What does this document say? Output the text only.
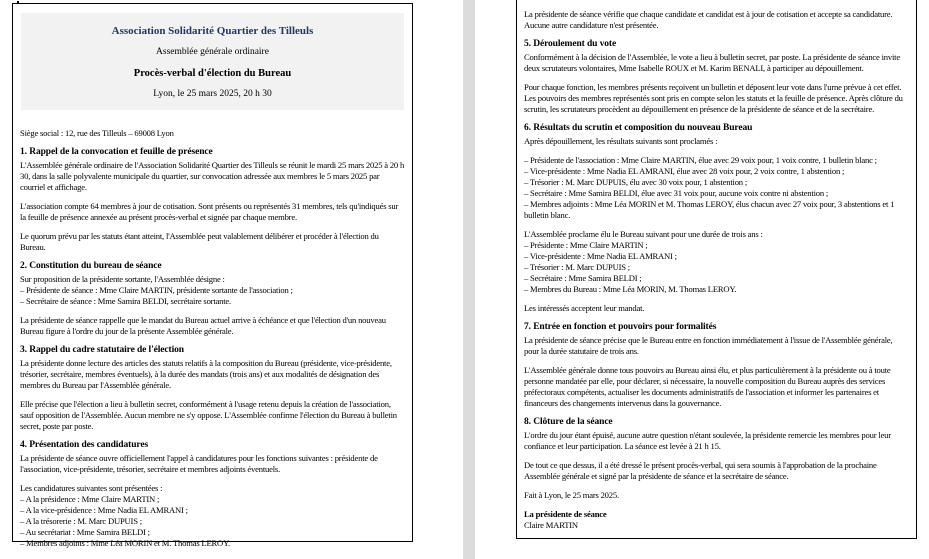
Association Solidarité Quartier des Tilleuls
Assemblée générale ordinaire
Procès-verbal d'élection du Bureau
Lyon, le 25 mars 2025, 20 h 30
Siège social : 12, rue des Tilleuls – 69008 Lyon
1. Rappel de la convocation et feuille de présence
L'Assemblée générale ordinaire de l'Association Solidarité Quartier des Tilleuls se réunit le mardi 25 mars 2025 à 20 h 30, dans la salle polyvalente municipale du quartier, sur convocation adressée aux membres le 5 mars 2025 par courriel et affichage.
L'association compte 64 membres à jour de cotisation. Sont présents ou représentés 31 membres, tels qu'indiqués sur la feuille de présence annexée au présent procès-verbal et signée par chaque membre.
Le quorum prévu par les statuts étant atteint, l'Assemblée peut valablement délibérer et procéder à l'élection du Bureau.
2. Constitution du bureau de séance
Sur proposition de la présidente sortante, l'Assemblée désigne :
– Présidente de séance : Mme Claire MARTIN, présidente sortante de l'association ;
– Secrétaire de séance : Mme Samira BELDI, secrétaire sortante.
La présidente de séance rappelle que le mandat du Bureau actuel arrive à échéance et que l'élection d'un nouveau Bureau figure à l'ordre du jour de la présente Assemblée générale.
3. Rappel du cadre statutaire de l'élection
La présidente donne lecture des articles des statuts relatifs à la composition du Bureau (présidente, vice-présidente, trésorier, secrétaire, membres éventuels), à la durée des mandats (trois ans) et aux modalités de désignation des membres du Bureau par l'Assemblée générale.
Elle précise que l'élection a lieu à bulletin secret, conformément à l'usage retenu depuis la création de l'association, sauf opposition de l'Assemblée. Aucun membre ne s'y oppose. L'Assemblée confirme l'élection du Bureau à bulletin secret, poste par poste.
4. Présentation des candidatures
La présidente de séance ouvre officiellement l'appel à candidatures pour les fonctions suivantes : présidente de l'association, vice-présidente, trésorier, secrétaire et membres adjoints éventuels.
Les candidatures suivantes sont présentées :
– A la présidence : Mme Claire MARTIN ;
– A la vice-présidence : Mme Nadia EL AMRANI ;
– A la trésorerie : M. Marc DUPUIS ;
– Au secrétariat : Mme Samira BELDI ;
– Membres adjoints : Mme Léa MORIN et M. Thomas LEROY.
La présidente de séance vérifie que chaque candidate et candidat est à jour de cotisation et accepte sa candidature. Aucune autre candidature n'est présentée.
5. Déroulement du vote
Conformément à la décision de l'Assemblée, le vote a lieu à bulletin secret, par poste. La présidente de séance invite deux scrutateurs volontaires, Mme Isabelle ROUX et M. Karim BENALI, à participer au dépouillement.
Pour chaque fonction, les membres présents reçoivent un bulletin et déposent leur vote dans l'urne prévue à cet effet. Les pouvoirs des membres représentés sont pris en compte selon les statuts et la feuille de présence. Après clôture du scrutin, les scrutateurs procèdent au dépouillement en présence de la présidente de séance et de la secrétaire.
6. Résultats du scrutin et composition du nouveau Bureau
Après dépouillement, les résultats suivants sont proclamés :
– Présidente de l'association : Mme Claire MARTIN, élue avec 29 voix pour, 1 voix contre, 1 bulletin blanc ;
– Vice-présidente : Mme Nadia EL AMRANI, élue avec 28 voix pour, 2 voix contre, 1 abstention ;
– Trésorier : M. Marc DUPUIS, élu avec 30 voix pour, 1 abstention ;
– Secrétaire : Mme Samira BELDI, élue avec 31 voix pour, aucune voix contre ni abstention ;
– Membres adjoints : Mme Léa MORIN et M. Thomas LEROY, élus chacun avec 27 voix pour, 3 abstentions et 1 bulletin blanc.
L'Assemblée proclame élu le Bureau suivant pour une durée de trois ans :
– Présidente : Mme Claire MARTIN ;
– Vice-présidente : Mme Nadia EL AMRANI ;
– Trésorier : M. Marc DUPUIS ;
– Secrétaire : Mme Samira BELDI ;
– Membres du Bureau : Mme Léa MORIN, M. Thomas LEROY.
Les intéressés acceptent leur mandat.
7. Entrée en fonction et pouvoirs pour formalités
La présidente de séance précise que le Bureau entre en fonction immédiatement à l'issue de l'Assemblée générale, pour la durée statutaire de trois ans.
L'Assemblée générale donne tous pouvoirs au Bureau ainsi élu, et plus particulièrement à la présidente ou à toute personne mandatée par elle, pour déclarer, si nécessaire, la nouvelle composition du Bureau auprès des services préfectoraux compétents, actualiser les documents administratifs de l'association et informer les partenaires et financeurs des changements intervenus dans la gouvernance.
8. Clôture de la séance
L'ordre du jour étant épuisé, aucune autre question n'étant soulevée, la présidente remercie les membres pour leur confiance et leur participation. La séance est levée à 21 h 15.
De tout ce que dessus, il a été dressé le présent procès-verbal, qui sera soumis à l'approbation de la prochaine Assemblée générale et signé par la présidente de séance et la secrétaire de séance.
Fait à Lyon, le 25 mars 2025.
La présidente de séance
Claire MARTIN
